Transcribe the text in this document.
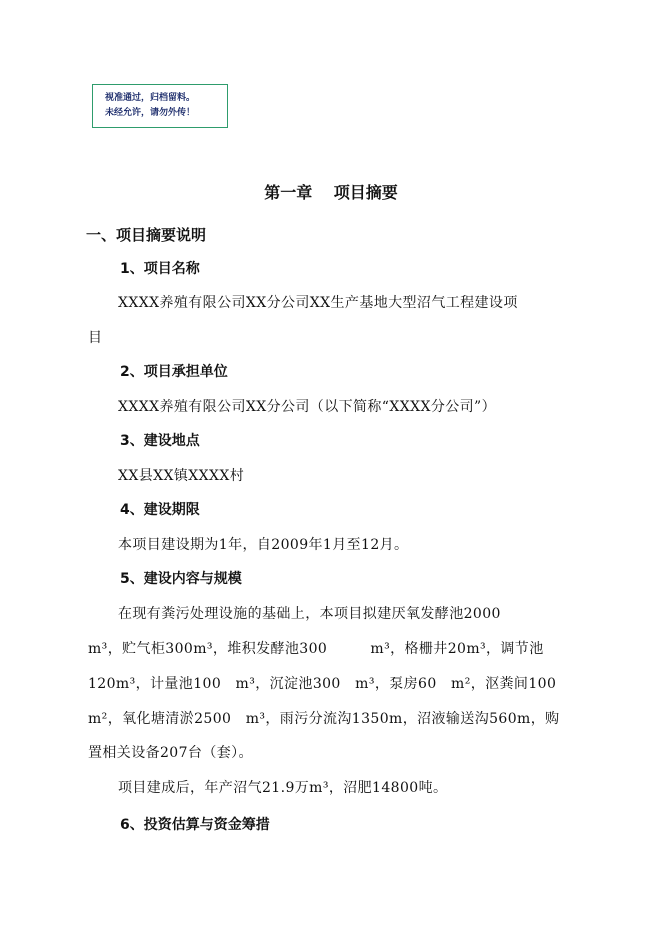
视准通过，归档留料。
未经允许，请勿外传！
第一章 项目摘要
一、项目摘要说明
1、项目名称
XXXX养殖有限公司XX分公司XX生产基地大型沼气工程建设项
目
2、项目承担单位
XXXX养殖有限公司XX分公司（以下简称“XXXX分公司”）
3、建设地点
XX县XX镇XXXX村
4、建设期限
本项目建设期为1年，自2009年1月至12月。
5、建设内容与规模
在现有粪污处理设施的基础上，本项目拟建厌氧发酵池2000
m³，贮气柜300m³，堆积发酵池300　　　m³，格栅井20m³，调节池
120m³，计量池100　m³，沉淀池300　m³，泵房60　m²，沤粪间100
m²，氧化塘清淤2500　m³，雨污分流沟1350m，沼液输送沟560m，购
置相关设备207台（套）。
项目建成后，年产沼气21.9万m³，沼肥14800吨。
6、投资估算与资金筹措
